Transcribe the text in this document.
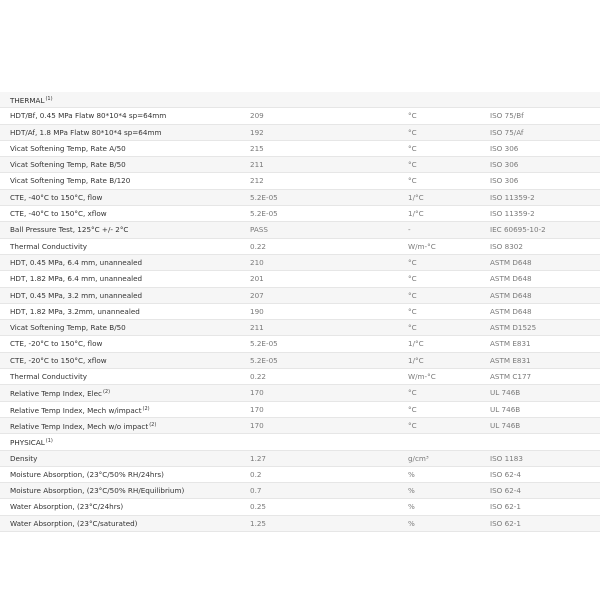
THERMAL$^{(1)}$
HDT/Bf, 0.45 MPa Flatw 80*10*4 sp=64mm	209	°C	ISO 75/Bf
HDT/Af, 1.8 MPa Flatw 80*10*4 sp=64mm	192	°C	ISO 75/Af
Vicat Softening Temp, Rate A/50	215	°C	ISO 306
Vicat Softening Temp, Rate B/50	211	°C	ISO 306
Vicat Softening Temp, Rate B/120	212	°C	ISO 306
CTE, -40°C to 150°C, flow	5.2E-05	1/°C	ISO 11359-2
CTE, -40°C to 150°C, xflow	5.2E-05	1/°C	ISO 11359-2
Ball Pressure Test, 125°C +/- 2°C	PASS	-	IEC 60695-10-2
Thermal Conductivity	0.22	W/m-°C	ISO 8302
HDT, 0.45 MPa, 6.4 mm, unannealed	210	°C	ASTM D648
HDT, 1.82 MPa, 6.4 mm, unannealed	201	°C	ASTM D648
HDT, 0.45 MPa, 3.2 mm, unannealed	207	°C	ASTM D648
HDT, 1.82 MPa, 3.2mm, unannealed	190	°C	ASTM D648
Vicat Softening Temp, Rate B/50	211	°C	ASTM D1525
CTE, -20°C to 150°C, flow	5.2E-05	1/°C	ASTM E831
CTE, -20°C to 150°C, xflow	5.2E-05	1/°C	ASTM E831
Thermal Conductivity	0.22	W/m-°C	ASTM C177
Relative Temp Index, Elec$^{(2)}$	170	°C	UL 746B
Relative Temp Index, Mech w/impact$^{(2)}$	170	°C	UL 746B
Relative Temp Index, Mech w/o impact$^{(2)}$	170	°C	UL 746B
PHYSICAL$^{(1)}$
Density	1.27	g/cm³	ISO 1183
Moisture Absorption, (23°C/50% RH/24hrs)	0.2	%	ISO 62-4
Moisture Absorption, (23°C/50% RH/Equilibrium)	0.7	%	ISO 62-4
Water Absorption, (23°C/24hrs)	0.25	%	ISO 62-1
Water Absorption, (23°C/saturated)	1.25	%	ISO 62-1
